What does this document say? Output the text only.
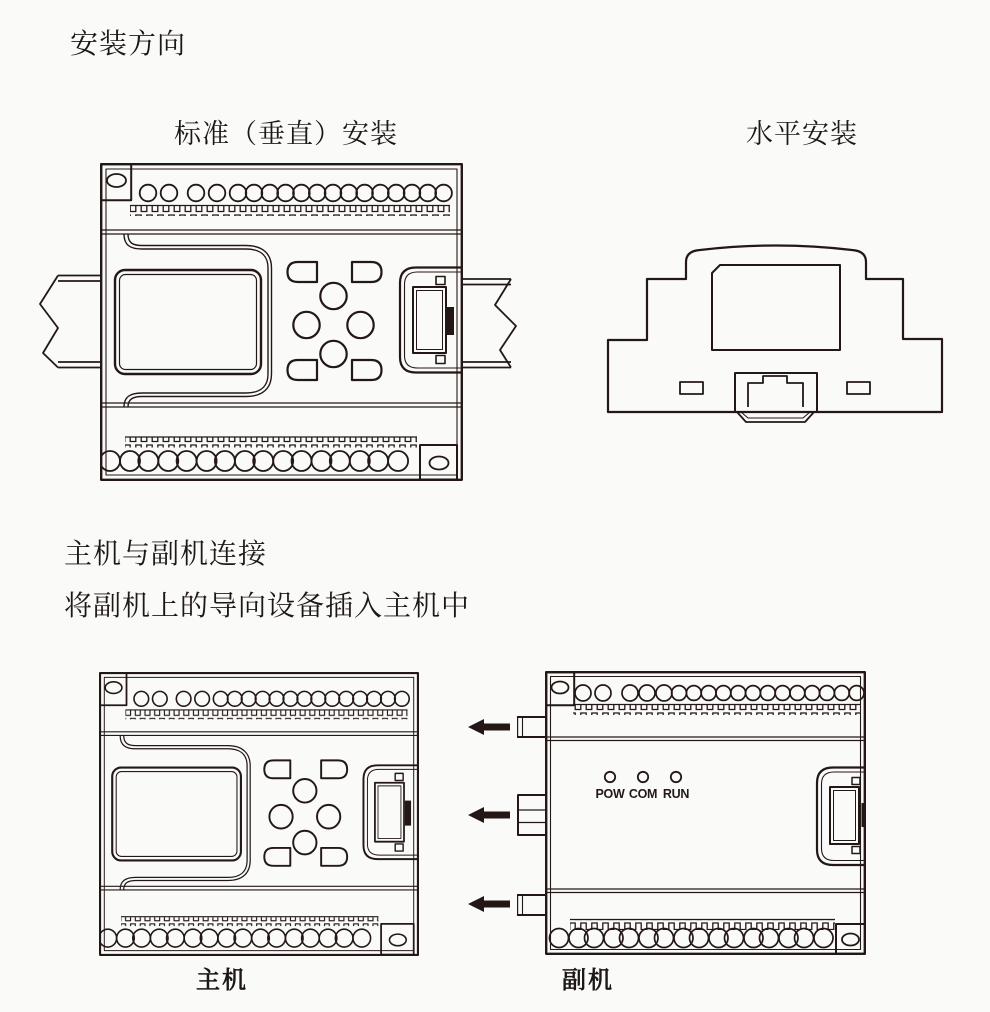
安装方向
标准（垂直）安装	水平安装
主机与副机连接
将副机上的导向设备插入主机中
主机	副机
